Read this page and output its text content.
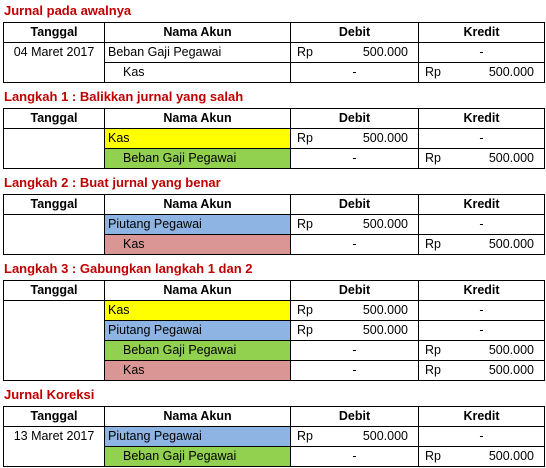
Jurnal pada awalnya
Tanggal	Nama Akun	Debit	Kredit
04 Maret 2017	Beban Gaji Pegawai	Rp 500.000	-

	Kas	-	Rp 500.000
Langkah 1 : Balikkan jurnal yang salah
Tanggal	Nama Akun	Debit	Kredit
	Kas	Rp 500.000	-

	Beban Gaji Pegawai	-	Rp 500.000
Langkah 2 : Buat jurnal yang benar
Tanggal	Nama Akun	Debit	Kredit
	Piutang Pegawai	Rp 500.000	-

	Kas	-	Rp 500.000
Langkah 3 : Gabungkan langkah 1 dan 2
Tanggal	Nama Akun	Debit	Kredit
	Kas	Rp 500.000	-

	Piutang Pegawai	Rp 500.000	-

	Beban Gaji Pegawai	-	Rp 500.000

	Kas	-	Rp 500.000
Jurnal Koreksi
Tanggal	Nama Akun	Debit	Kredit
13 Maret 2017	Piutang Pegawai	Rp 500.000	-

	Beban Gaji Pegawai	-	Rp 500.000
